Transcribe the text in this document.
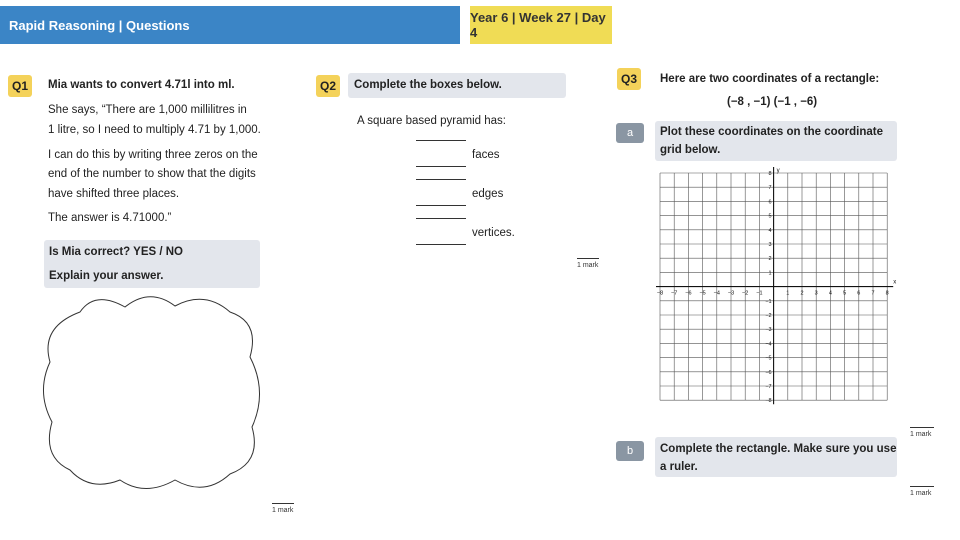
Rapid Reasoning | Questions	Year 6 | Week 27 | Day 4
Q1	Mia wants to convert 4.71l into ml.
She says, “There are 1,000 millilitres in
1 litre, so I need to multiply 4.71 by 1,000.
I can do this by writing three zeros on the
end of the number to show that the digits
have shifted three places.
The answer is 4.71000.”
Is Mia correct? YES / NO
Explain your answer.
1 mark
Q2	Complete the boxes below.
A square based pyramid has:
faces
edges
vertices.
1 mark
Q3	Here are two coordinates of a rectangle:
(−8 , −1) (−1 , −6)
a	Plot these coordinates on the coordinate
grid below.
x
y
−8 −7 −6 −5 −4 −3 −2 −1	1 2 3 4 5 6 7 8
8
7
6
5
4
3
2
1
−1
−2
−3
−4
−5
−6
−7
−8
1 mark
b	Complete the rectangle. Make sure you use
a ruler.
1 mark
